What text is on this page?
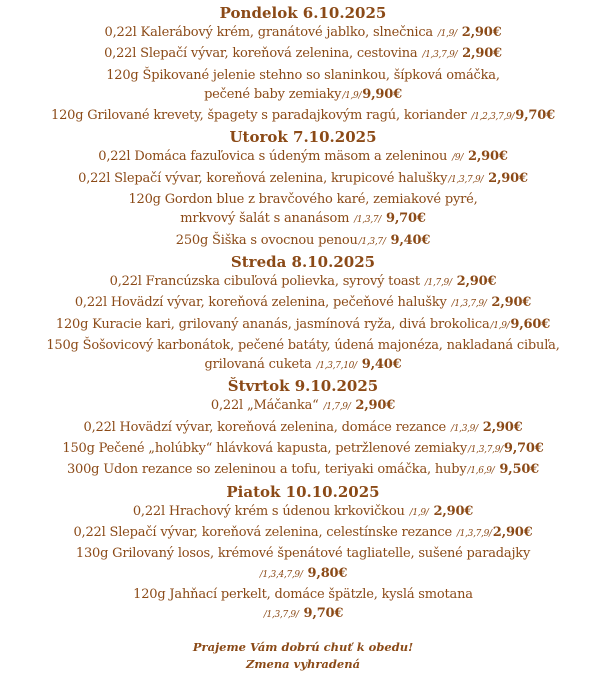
Pondelok 6.10.2025
0,22l Kalerábový krém, granátové jablko, slnečnica /1,9/ 2,90€
0,22l Slepačí vývar, koreňová zelenina, cestovina /1,3,7,9/ 2,90€
120g Špikované jelenie stehno so slaninkou, šípková omáčka,
pečené baby zemiaky/1,9/9,90€
120g Grilované krevety, špagety s paradajkovým ragú, koriander /1,2,3,7,9/9,70€
Utorok 7.10.2025
0,22l Domáca fazuľovica s údeným mäsom a zeleninou /9/ 2,90€
0,22l Slepačí vývar, koreňová zelenina, krupicové halušky/1,3,7,9/ 2,90€
120g Gordon blue z bravčového karé, zemiakové pyré,
mrkvový šalát s ananásom /1,3,7/ 9,70€
250g Šiška s ovocnou penou/1,3,7/ 9,40€
Streda 8.10.2025
0,22l Francúzska cibuľová polievka, syrový toast /1,7,9/ 2,90€
0,22l Hovädzí vývar, koreňová zelenina, pečeňové halušky /1,3,7,9/ 2,90€
120g Kuracie kari, grilovaný ananás, jasmínová ryža, divá brokolica/1,9/9,60€
150g Šošovicový karbonátok, pečené batáty, údená majonéza, nakladaná cibuľa,
grilovaná cuketa /1,3,7,10/ 9,40€
Štvrtok 9.10.2025
0,22l „Máčanka“ /1,7,9/ 2,90€
0,22l Hovädzí vývar, koreňová zelenina, domáce rezance /1,3,9/ 2,90€
150g Pečené „holúbky“ hlávková kapusta, petržlenové zemiaky/1,3,7,9/9,70€
300g Udon rezance so zeleninou a tofu, teriyaki omáčka, huby/1,6,9/ 9,50€
Piatok 10.10.2025
0,22l Hrachový krém s údenou krkovičkou /1,9/ 2,90€
0,22l Slepačí vývar, koreňová zelenina, celestínske rezance /1,3,7,9/2,90€
130g Grilovaný losos, krémové špenátové tagliatelle, sušené paradajky
/1,3,4,7,9/ 9,80€
120g Jahňací perkelt, domáce špätzle, kyslá smotana
/1,3,7,9/ 9,70€
Prajeme Vám dobrú chuť k obedu!
Zmena vyhradená
